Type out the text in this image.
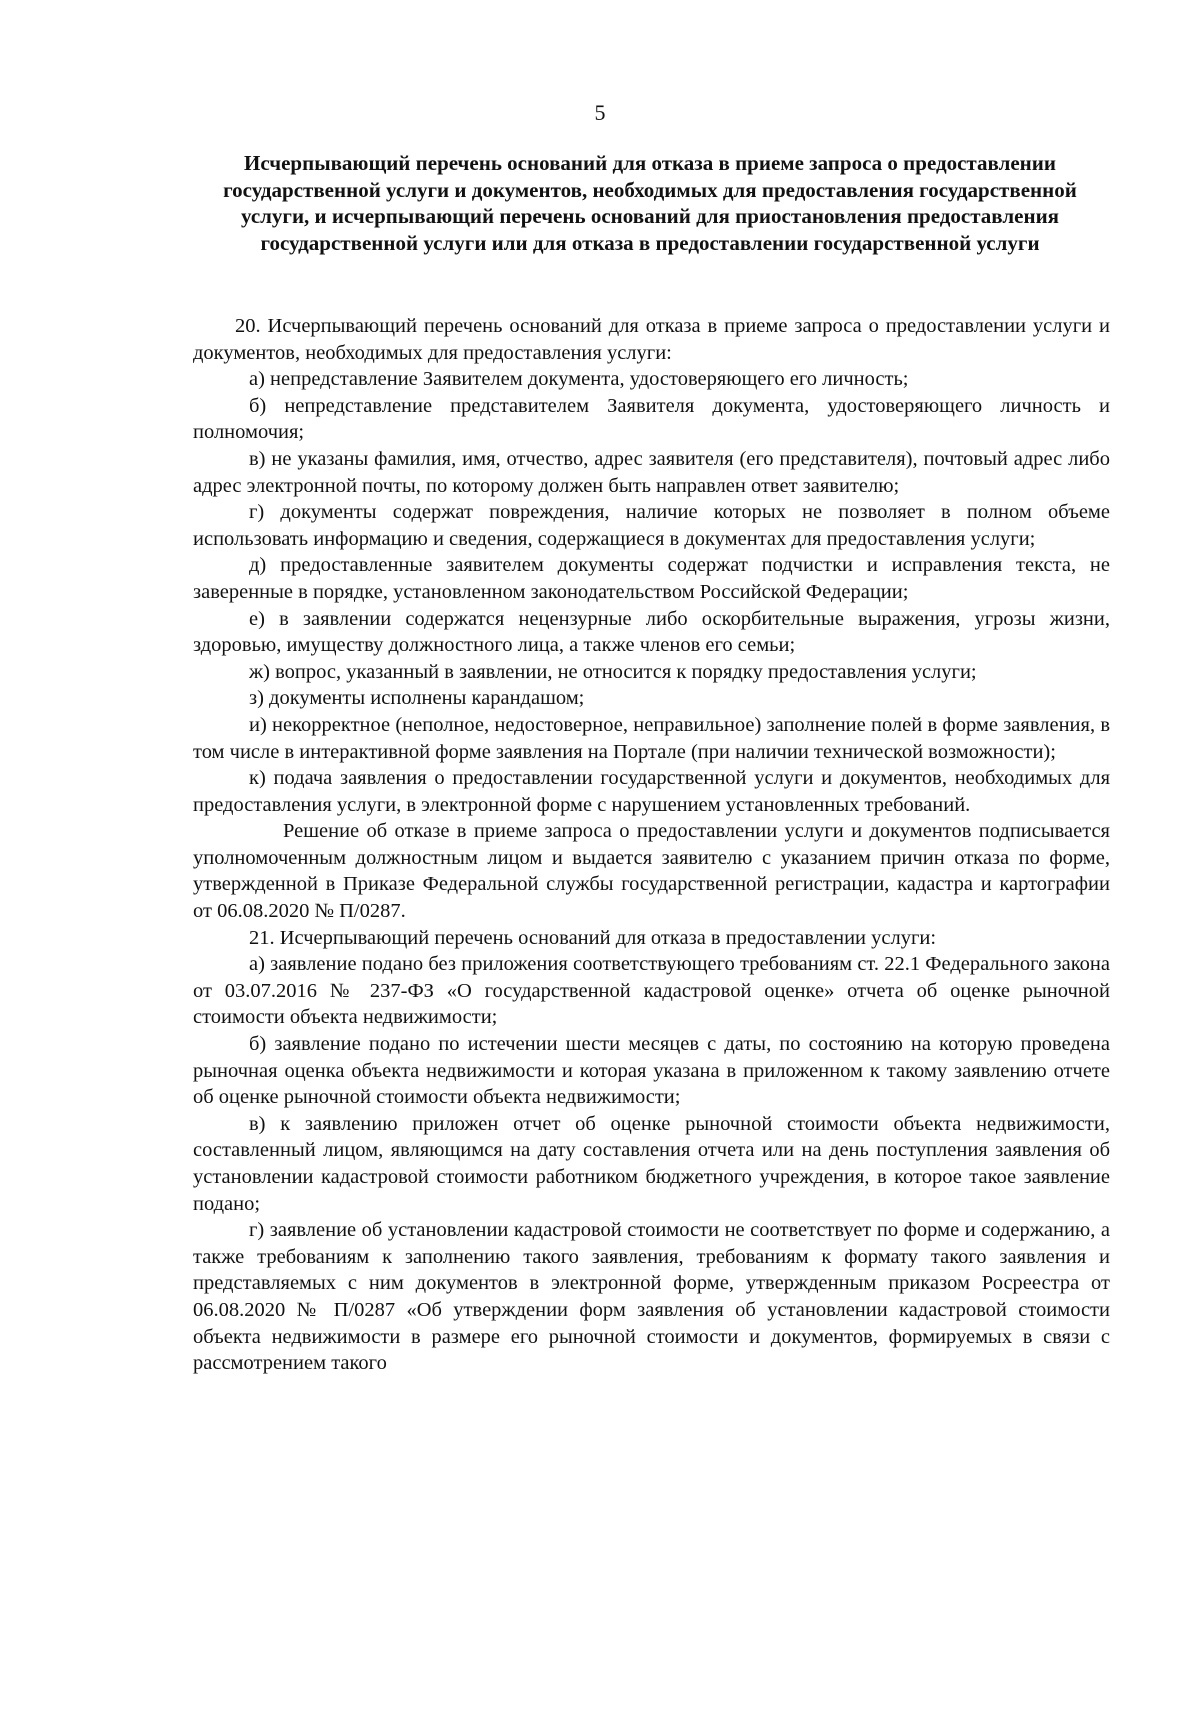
5
Исчерпывающий перечень оснований для отказа в приеме запроса о предоставлении государственной услуги и документов, необходимых для предоставления государственной услуги, и исчерпывающий перечень оснований для приостановления предоставления государственной услуги или для отказа в предоставлении государственной услуги

20. Исчерпывающий перечень оснований для отказа в приеме запроса о предоставлении услуги и документов, необходимых для предоставления услуги:

а) непредставление Заявителем документа, удостоверяющего его личность;

б) непредставление представителем Заявителя документа, удостоверяющего личность и полномочия;

в) не указаны фамилия, имя, отчество, адрес заявителя (его представителя), почтовый адрес либо адрес электронной почты, по которому должен быть направлен ответ заявителю;

г) документы содержат повреждения, наличие которых не позволяет в полном объеме использовать информацию и сведения, содержащиеся в документах для предоставления услуги;

д) предоставленные заявителем документы содержат подчистки и исправления текста, не заверенные в порядке, установленном законодательством Российской Федерации;

е) в заявлении содержатся нецензурные либо оскорбительные выражения, угрозы жизни, здоровью, имуществу должностного лица, а также членов его семьи;

ж) вопрос, указанный в заявлении, не относится к порядку предоставления услуги;

з) документы исполнены карандашом;

и) некорректное (неполное, недостоверное, неправильное) заполнение полей в форме заявления, в том числе в интерактивной форме заявления на Портале (при наличии технической возможности);

к) подача заявления о предоставлении государственной услуги и документов, необходимых для предоставления услуги, в электронной форме с нарушением установленных требований.

Решение об отказе в приеме запроса о предоставлении услуги и документов подписывается уполномоченным должностным лицом и выдается заявителю с указанием причин отказа по форме, утвержденной в Приказе Федеральной службы государственной регистрации, кадастра и картографии от 06.08.2020 № П/0287.

21. Исчерпывающий перечень оснований для отказа в предоставлении услуги:

а) заявление подано без приложения соответствующего требованиям ст. 22.1 Федерального закона от 03.07.2016 № 237-ФЗ «О государственной кадастровой оценке» отчета об оценке рыночной стоимости объекта недвижимости;

б) заявление подано по истечении шести месяцев с даты, по состоянию на которую проведена рыночная оценка объекта недвижимости и которая указана в приложенном к такому заявлению отчете об оценке рыночной стоимости объекта недвижимости;

в) к заявлению приложен отчет об оценке рыночной стоимости объекта недвижимости, составленный лицом, являющимся на дату составления отчета или на день поступления заявления об установлении кадастровой стоимости работником бюджетного учреждения, в которое такое заявление подано;

г) заявление об установлении кадастровой стоимости не соответствует по форме и содержанию, а также требованиям к заполнению такого заявления, требованиям к формату такого заявления и представляемых с ним документов в электронной форме, утвержденным приказом Росреестра от 06.08.2020 № П/0287 «Об утверждении форм заявления об установлении кадастровой стоимости объекта недвижимости в размере его рыночной стоимости и документов, формируемых в связи с рассмотрением такого
